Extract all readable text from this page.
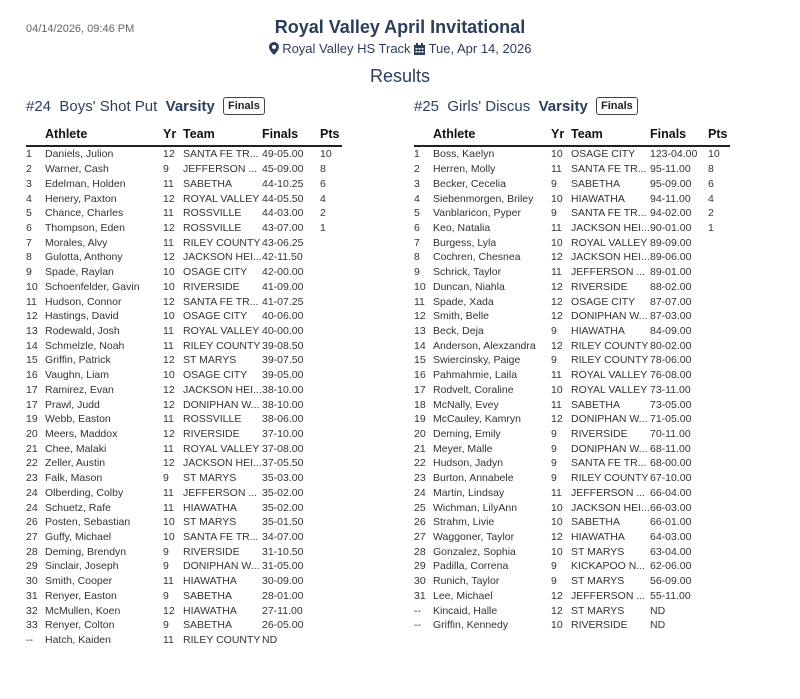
04/14/2026, 09:46 PM	Royal Valley April Invitational
Royal Valley HS Track Tue, Apr 14, 2026
Results
#24 Boys' Shot Put Varsity Finals
	Athlete	Yr	Team	Finals	Pts
1	Daniels, Julion	12	SANTA FE TR...	49-05.00	10
2	Warner, Cash	9	JEFFERSON ...	45-09.00	8
3	Edelman, Holden	11	SABETHA	44-10.25	6
4	Henery, Paxton	12	ROYAL VALLEY	44-05.50	4
5	Chance, Charles	11	ROSSVILLE	44-03.00	2
6	Thompson, Eden	12	ROSSVILLE	43-07.00	1
7	Morales, Alvy	11	RILEY COUNTY	43-06.25	
8	Gulotta, Anthony	12	JACKSON HEI...	42-11.50	
9	Spade, Raylan	10	OSAGE CITY	42-00.00	
10	Schoenfelder, Gavin	10	RIVERSIDE	41-09.00	
11	Hudson, Connor	12	SANTA FE TR...	41-07.25	
12	Hastings, David	10	OSAGE CITY	40-06.00	
13	Rodewald, Josh	11	ROYAL VALLEY	40-00.00	
14	Schmelzle, Noah	11	RILEY COUNTY	39-08.50	
15	Griffin, Patrick	12	ST MARYS	39-07.50	
16	Vaughn, Liam	10	OSAGE CITY	39-05.00	
17	Ramirez, Evan	12	JACKSON HEI...	38-10.00	
17	Prawl, Judd	12	DONIPHAN W...	38-10.00	
19	Webb, Easton	11	ROSSVILLE	38-06.00	
20	Meers, Maddox	12	RIVERSIDE	37-10.00	
21	Chee, Malaki	11	ROYAL VALLEY	37-08.00	
22	Zeller, Austin	12	JACKSON HEI...	37-05.50	
23	Falk, Mason	9	ST MARYS	35-03.00	
24	Olberding, Colby	11	JEFFERSON ...	35-02.00	
24	Schuetz, Rafe	11	HIAWATHA	35-02.00	
26	Posten, Sebastian	10	ST MARYS	35-01.50	
27	Guffy, Michael	10	SANTA FE TR...	34-07.00	
28	Deming, Brendyn	9	RIVERSIDE	31-10.50	
29	Sinclair, Joseph	9	DONIPHAN W...	31-05.00	
30	Smith, Cooper	11	HIAWATHA	30-09.00	
31	Renyer, Easton	9	SABETHA	28-01.00	
32	McMullen, Koen	12	HIAWATHA	27-11.00	
33	Renyer, Colton	9	SABETHA	26-05.00	
--	Hatch, Kaiden	11	RILEY COUNTY	ND	
#25 Girls' Discus Varsity Finals
	Athlete	Yr	Team	Finals	Pts
1	Boss, Kaelyn	10	OSAGE CITY	123-04.00	10
2	Herren, Molly	11	SANTA FE TR...	95-11.00	8
3	Becker, Cecelia	9	SABETHA	95-09.00	6
4	Siebenmorgen, Briley	10	HIAWATHA	94-11.00	4
5	Vanblaricon, Pyper	9	SANTA FE TR...	94-02.00	2
6	Keo, Natalia	11	JACKSON HEI...	90-01.00	1
7	Burgess, Lyla	10	ROYAL VALLEY	89-09.00	
8	Cochren, Chesnea	12	JACKSON HEI...	89-06.00	
9	Schrick, Taylor	11	JEFFERSON ...	89-01.00	
10	Duncan, Niahla	12	RIVERSIDE	88-02.00	
11	Spade, Xada	12	OSAGE CITY	87-07.00	
12	Smith, Belle	12	DONIPHAN W...	87-03.00	
13	Beck, Deja	9	HIAWATHA	84-09.00	
14	Anderson, Alexzandra	12	RILEY COUNTY	80-02.00	
15	Swiercinsky, Paige	9	RILEY COUNTY	78-06.00	
16	Pahmahmie, Laila	11	ROYAL VALLEY	76-08.00	
17	Rodvelt, Coraline	10	ROYAL VALLEY	73-11.00	
18	McNally, Evey	11	SABETHA	73-05.00	
19	McCauley, Kamryn	12	DONIPHAN W...	71-05.00	
20	Deming, Emily	9	RIVERSIDE	70-11.00	
21	Meyer, Malle	9	DONIPHAN W...	68-11.00	
22	Hudson, Jadyn	9	SANTA FE TR...	68-00.00	
23	Burton, Annabele	9	RILEY COUNTY	67-10.00	
24	Martin, Lindsay	11	JEFFERSON ...	66-04.00	
25	Wichman, LilyAnn	10	JACKSON HEI...	66-03.00	
26	Strahm, Livie	10	SABETHA	66-01.00	
27	Waggoner, Taylor	12	HIAWATHA	64-03.00	
28	Gonzalez, Sophia	10	ST MARYS	63-04.00	
29	Padilla, Correna	9	KICKAPOO N...	62-06.00	
30	Runich, Taylor	9	ST MARYS	56-09.00	
31	Lee, Michael	12	JEFFERSON ...	55-11.00	
--	Kincaid, Halle	12	ST MARYS	ND	
--	Griffin, Kennedy	10	RIVERSIDE	ND	
